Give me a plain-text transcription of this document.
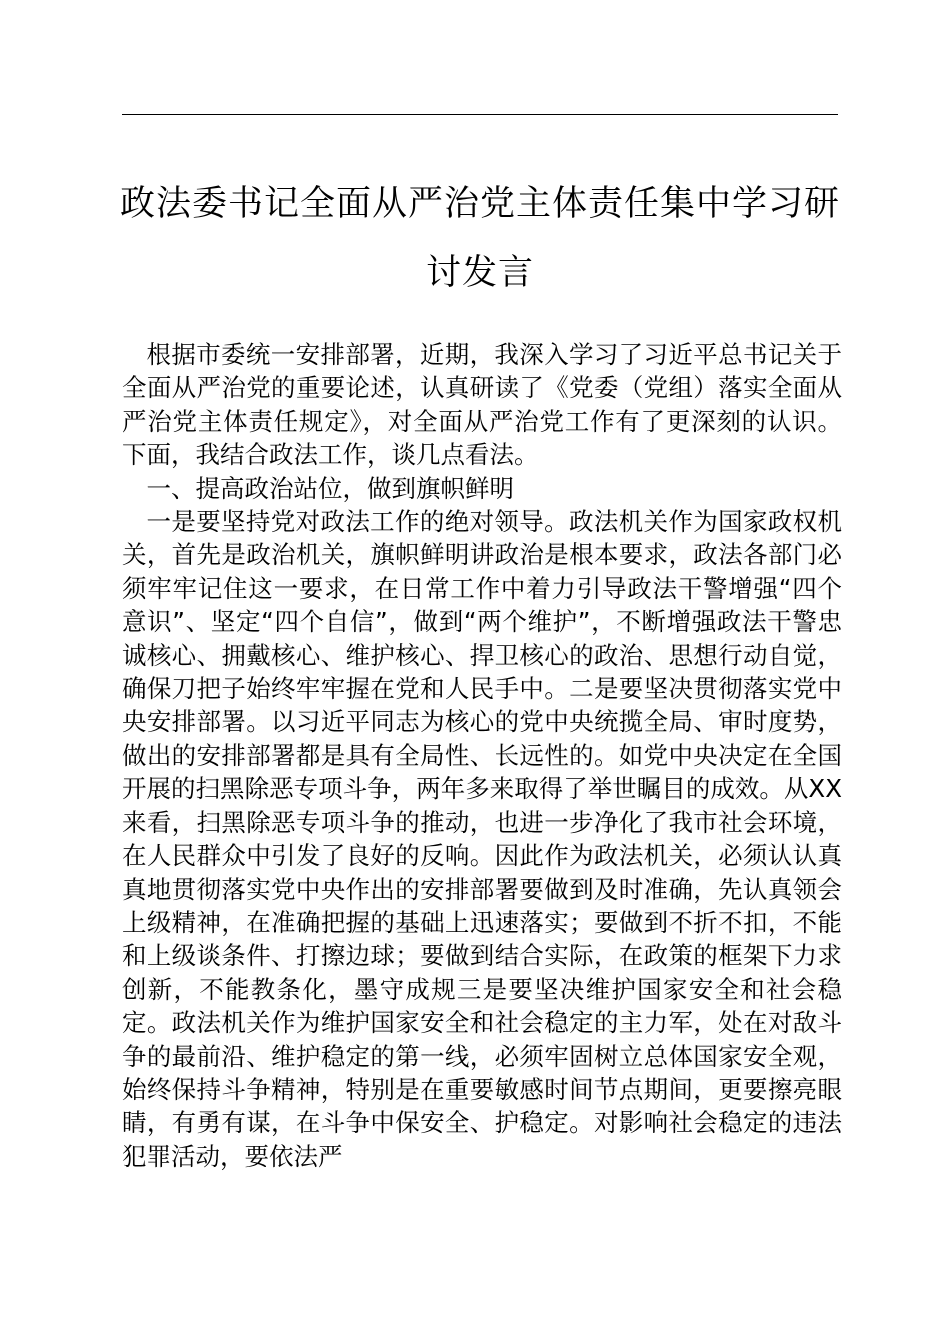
政法委书记全面从严治党主体责任集中学习研
讨发言

根据市委统一安排部署，近期，我深入学习了习近平总书记关于全面从严治党的重要论述，认真研读了《党委（党组）落实全面从严治党主体责任规定》，对全面从严治党工作有了更深刻的认识。下面，我结合政法工作，谈几点看法。

一、提高政治站位，做到旗帜鲜明

一是要坚持党对政法工作的绝对领导。政法机关作为国家政权机关，首先是政治机关，旗帜鲜明讲政治是根本要求，政法各部门必须牢牢记住这一要求，在日常工作中着力引导政法干警增强“四个意识”、坚定“四个自信”，做到“两个维护”，不断增强政法干警忠诚核心、拥戴核心、维护核心、捍卫核心的政治、思想行动自觉，确保刀把子始终牢牢握在党和人民手中。二是要坚决贯彻落实党中央安排部署。以习近平同志为核心的党中央统揽全局、审时度势，做出的安排部署都是具有全局性、长远性的。如党中央决定在全国开展的扫黑除恶专项斗争，两年多来取得了举世瞩目的成效。从XX来看，扫黑除恶专项斗争的推动，也进一步净化了我市社会环境，在人民群众中引发了良好的反响。因此作为政法机关，必须认认真真地贯彻落实党中央作出的安排部署要做到及时准确，先认真领会上级精神，在准确把握的基础上迅速落实；要做到不折不扣，不能和上级谈条件、打擦边球；要做到结合实际，在政策的框架下力求创新，不能教条化，墨守成规三是要坚决维护国家安全和社会稳定。政法机关作为维护国家安全和社会稳定的主力军，处在对敌斗争的最前沿、维护稳定的第一线，必须牢固树立总体国家安全观，始终保持斗争精神，特别是在重要敏感时间节点期间，更要擦亮眼睛，有勇有谋，在斗争中保安全、护稳定。对影响社会稳定的违法犯罪活动，要依法严
